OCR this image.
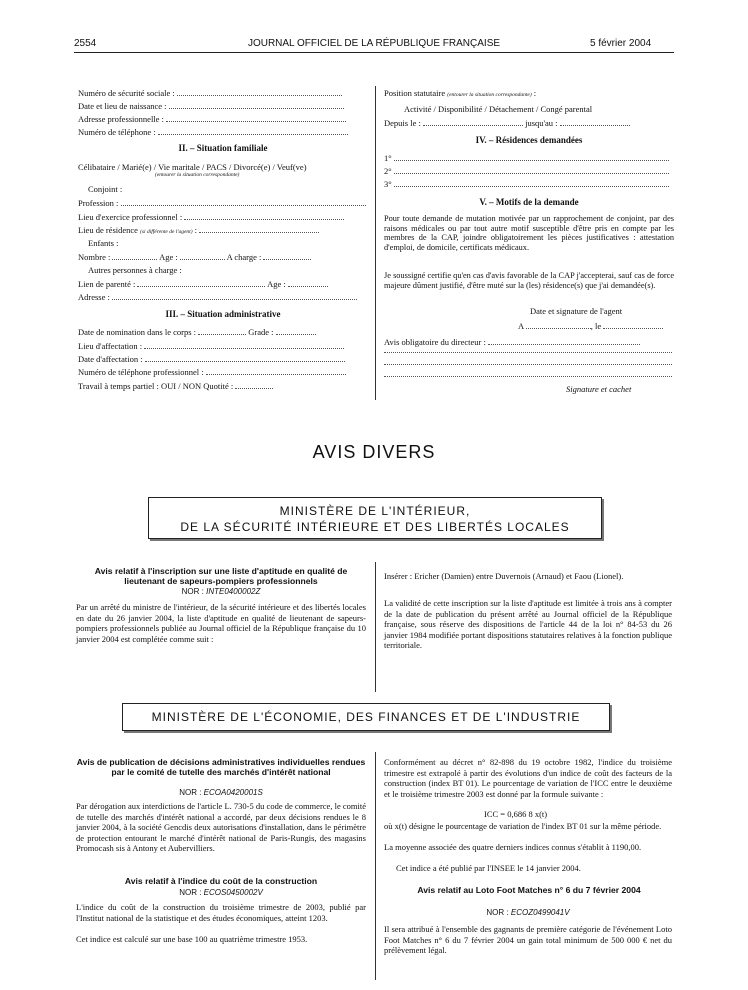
2554	JOURNAL OFFICIEL DE LA RÉPUBLIQUE FRANÇAISE	5 février 2004
Numéro de sécurité sociale :
Date et lieu de naissance :
Adresse professionnelle :
Numéro de téléphone :
II. – Situation familiale
Célibataire / Marié(e) / Vie maritale / PACS / Divorcé(e) / Veuf(ve)
(entourer la situation correspondante)
Conjoint :
Profession :
Lieu d'exercice professionnel :
Lieu de résidence (si différente de l'agent) :
Enfants :
Nombre :	Age :	A charge :
Autres personnes à charge :
Lien de parenté :	Age :
Adresse :
III. – Situation administrative
Date de nomination dans le corps :	Grade :
Lieu d'affectation :
Date d'affectation :
Numéro de téléphone professionnel :
Travail à temps partiel : OUI / NON Quotité :
Position statutaire (entourer la situation correspondante) :
Activité / Disponibilité / Détachement / Congé parental
Depuis le :	jusqu'au :
IV. – Résidences demandées
1°
2°
3°
V. – Motifs de la demande
Pour toute demande de mutation motivée par un rapprochement de conjoint, par des raisons médicales ou par tout autre motif susceptible d'être pris en compte par les membres de la CAP, joindre obligatoirement les pièces justificatives : attestation d'emploi, de domicile, certificats médicaux.
Je soussigné certifie qu'en cas d'avis favorable de la CAP j'accepterai, sauf cas de force majeure dûment justifié, d'être muté sur la (les) résidence(s) que j'ai demandée(s).
Date et signature de l'agent
A	, le
Avis obligatoire du directeur :
Signature et cachet
AVIS DIVERS
MINISTÈRE DE L'INTÉRIEUR,
DE LA SÉCURITÉ INTÉRIEURE ET DES LIBERTÉS LOCALES
Avis relatif à l'inscription sur une liste d'aptitude en qualité de lieutenant de sapeurs-pompiers professionnels
NOR : INTE0400002Z
Par un arrêté du ministre de l'intérieur, de la sécurité intérieure et des libertés locales en date du 26 janvier 2004, la liste d'aptitude en qualité de lieutenant de sapeurs-pompiers professionnels publiée au Journal officiel de la République française du 10 janvier 2004 est complétée comme suit :
Insérer : Ericher (Damien) entre Duvernois (Arnaud) et Faou (Lionel).
La validité de cette inscription sur la liste d'aptitude est limitée à trois ans à compter de la date de publication du présent arrêté au Journal officiel de la République française, sous réserve des dispositions de l'article 44 de la loi n° 84-53 du 26 janvier 1984 modifiée portant dispositions statutaires relatives à la fonction publique territoriale.
MINISTÈRE DE L'ÉCONOMIE, DES FINANCES ET DE L'INDUSTRIE
Avis de publication de décisions administratives individuelles rendues par le comité de tutelle des marchés d'intérêt national
NOR : ECOA0420001S
Par dérogation aux interdictions de l'article L. 730-5 du code de commerce, le comité de tutelle des marchés d'intérêt national a accordé, par deux décisions rendues le 8 janvier 2004, à la société Gencdis deux autorisations d'installation, dans le périmètre de protection entourant le marché d'intérêt national de Paris-Rungis, des magasins Promocash sis à Antony et Aubervilliers.
Avis relatif à l'indice du coût de la construction
NOR : ECOS0450002V
L'indice du coût de la construction du troisième trimestre de 2003, publié par l'Institut national de la statistique et des études économiques, atteint 1203.
Cet indice est calculé sur une base 100 au quatrième trimestre 1953.
Conformément au décret n° 82-898 du 19 octobre 1982, l'indice du troisième trimestre est extrapolé à partir des évolutions d'un indice de coût des facteurs de la construction (index BT 01). Le pourcentage de variation de l'ICC entre le deuxième et le troisième trimestre 2003 est donné par la formule suivante :
ICC = 0,686 8 x(t)
où x(t) désigne le pourcentage de variation de l'index BT 01 sur la même période.
La moyenne associée des quatre derniers indices connus s'établit à 1190,00.
Cet indice a été publié par l'INSEE le 14 janvier 2004.
Avis relatif au Loto Foot Matches n° 6 du 7 février 2004
NOR : ECOZ0499041V
Il sera attribué à l'ensemble des gagnants de première catégorie de l'événement Loto Foot Matches n° 6 du 7 février 2004 un gain total minimum de 500 000 € net du prélèvement légal.
